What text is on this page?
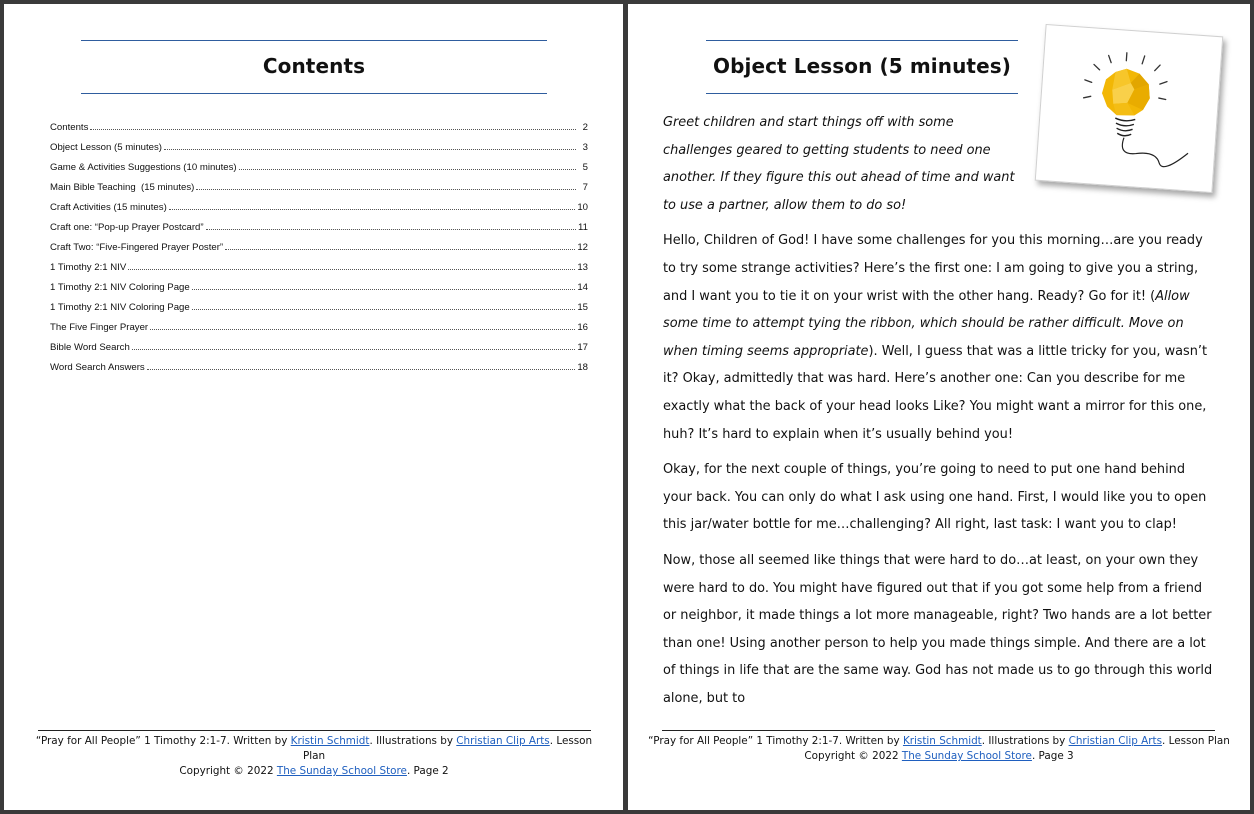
Contents
Contents	2
Object Lesson (5 minutes)	3
Game & Activities Suggestions (10 minutes)	5
Main Bible Teaching  (15 minutes)	7
Craft Activities (15 minutes)	10
Craft one: “Pop-up Prayer Postcard”	11
Craft Two: “Five-Fingered Prayer Poster”	12
1 Timothy 2:1 NIV	13
1 Timothy 2:1 NIV Coloring Page	14
1 Timothy 2:1 NIV Coloring Page	15
The Five Finger Prayer	16
Bible Word Search	17
Word Search Answers	18
“Pray for All People” 1 Timothy 2:1-7. Written by Kristin Schmidt. Illustrations by Christian Clip Arts. Lesson Plan
Copyright © 2022 The Sunday School Store. Page 2
Object Lesson (5 minutes)

Greet children and start things off with some challenges geared to getting students to need one another. If they figure this out ahead of time and want to use a partner, allow them to do so!

Hello, Children of God! I have some challenges for you this morning…are you ready to try some strange activities? Here’s the first one: I am going to give you a string, and I want you to tie it on your wrist with the other hang. Ready? Go for it! (Allow some time to attempt tying the ribbon, which should be rather difficult. Move on when timing seems appropriate). Well, I guess that was a little tricky for you, wasn’t it? Okay, admittedly that was hard. Here’s another one: Can you describe for me exactly what the back of your head looks Like? You might want a mirror for this one, huh? It’s hard to explain when it’s usually behind you!

Okay, for the next couple of things, you’re going to need to put one hand behind your back. You can only do what I ask using one hand. First, I would like you to open this jar/water bottle for me…challenging? All right, last task: I want you to clap!

Now, those all seemed like things that were hard to do…at least, on your own they were hard to do. You might have figured out that if you got some help from a friend or neighbor, it made things a lot more manageable, right? Two hands are a lot better than one! Using another person to help you made things simple. And there are a lot of things in life that are the same way. God has not made us to go through this world alone, but to

“Pray for All People” 1 Timothy 2:1-7. Written by Kristin Schmidt. Illustrations by Christian Clip Arts. Lesson Plan
Copyright © 2022 The Sunday School Store. Page 3
